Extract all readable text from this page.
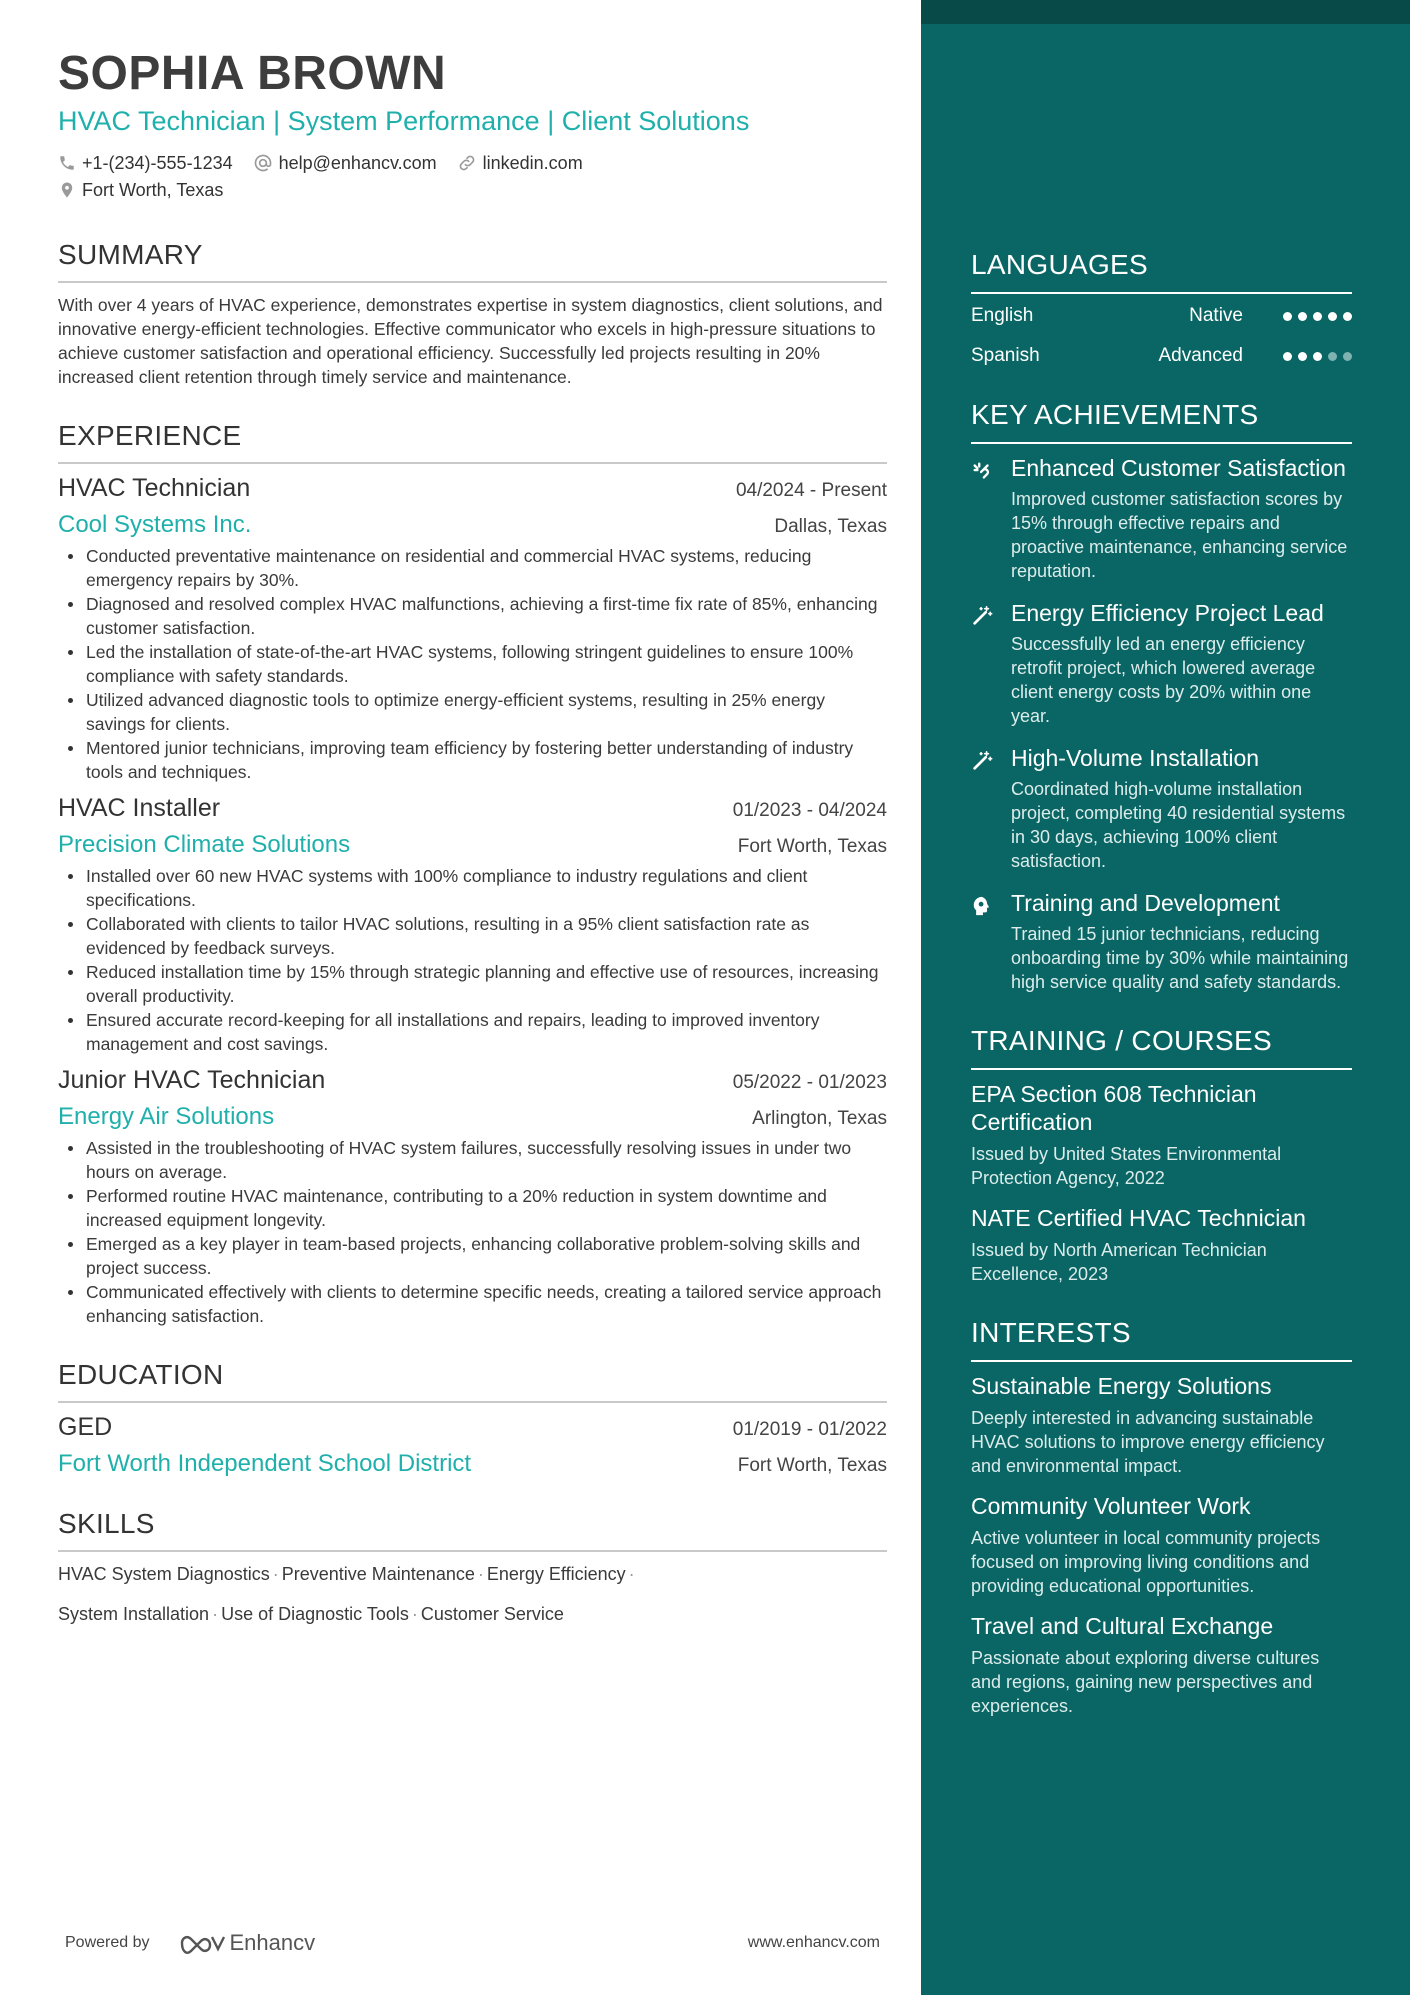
SOPHIA BROWN
HVAC Technician | System Performance | Client Solutions
+1-(234)-555-1234	help@enhancv.com	linkedin.com
Fort Worth, Texas
SUMMARY
With over 4 years of HVAC experience, demonstrates expertise in system diagnostics, client solutions, and innovative energy-efficient technologies. Effective communicator who excels in high-pressure situations to achieve customer satisfaction and operational efficiency. Successfully led projects resulting in 20% increased client retention through timely service and maintenance.
EXPERIENCE
HVAC Technician	04/2024 - Present
Cool Systems Inc.	Dallas, Texas
Conducted preventative maintenance on residential and commercial HVAC systems, reducing emergency repairs by 30%.
Diagnosed and resolved complex HVAC malfunctions, achieving a first-time fix rate of 85%, enhancing customer satisfaction.
Led the installation of state-of-the-art HVAC systems, following stringent guidelines to ensure 100% compliance with safety standards.
Utilized advanced diagnostic tools to optimize energy-efficient systems, resulting in 25% energy savings for clients.
Mentored junior technicians, improving team efficiency by fostering better understanding of industry tools and techniques.
HVAC Installer	01/2023 - 04/2024
Precision Climate Solutions	Fort Worth, Texas
Installed over 60 new HVAC systems with 100% compliance to industry regulations and client specifications.
Collaborated with clients to tailor HVAC solutions, resulting in a 95% client satisfaction rate as evidenced by feedback surveys.
Reduced installation time by 15% through strategic planning and effective use of resources, increasing overall productivity.
Ensured accurate record-keeping for all installations and repairs, leading to improved inventory management and cost savings.
Junior HVAC Technician	05/2022 - 01/2023
Energy Air Solutions	Arlington, Texas
Assisted in the troubleshooting of HVAC system failures, successfully resolving issues in under two hours on average.
Performed routine HVAC maintenance, contributing to a 20% reduction in system downtime and increased equipment longevity.
Emerged as a key player in team-based projects, enhancing collaborative problem-solving skills and project success.
Communicated effectively with clients to determine specific needs, creating a tailored service approach enhancing satisfaction.
EDUCATION
GED	01/2019 - 01/2022
Fort Worth Independent School District	Fort Worth, Texas
SKILLS
HVAC System Diagnostics · Preventive Maintenance · Energy Efficiency ·
System Installation · Use of Diagnostic Tools · Customer Service
Powered by	Enhancv	www.enhancv.com
LANGUAGES
English	Native
Spanish	Advanced
KEY ACHIEVEMENTS
Enhanced Customer Satisfaction
Improved customer satisfaction scores by 15% through effective repairs and proactive maintenance, enhancing service reputation.
Energy Efficiency Project Lead
Successfully led an energy efficiency retrofit project, which lowered average client energy costs by 20% within one year.
High-Volume Installation
Coordinated high-volume installation project, completing 40 residential systems in 30 days, achieving 100% client satisfaction.
Training and Development
Trained 15 junior technicians, reducing onboarding time by 30% while maintaining high service quality and safety standards.
TRAINING / COURSES
EPA Section 608 Technician Certification
Issued by United States Environmental Protection Agency, 2022
NATE Certified HVAC Technician
Issued by North American Technician Excellence, 2023
INTERESTS
Sustainable Energy Solutions
Deeply interested in advancing sustainable HVAC solutions to improve energy efficiency and environmental impact.
Community Volunteer Work
Active volunteer in local community projects focused on improving living conditions and providing educational opportunities.
Travel and Cultural Exchange
Passionate about exploring diverse cultures and regions, gaining new perspectives and experiences.
